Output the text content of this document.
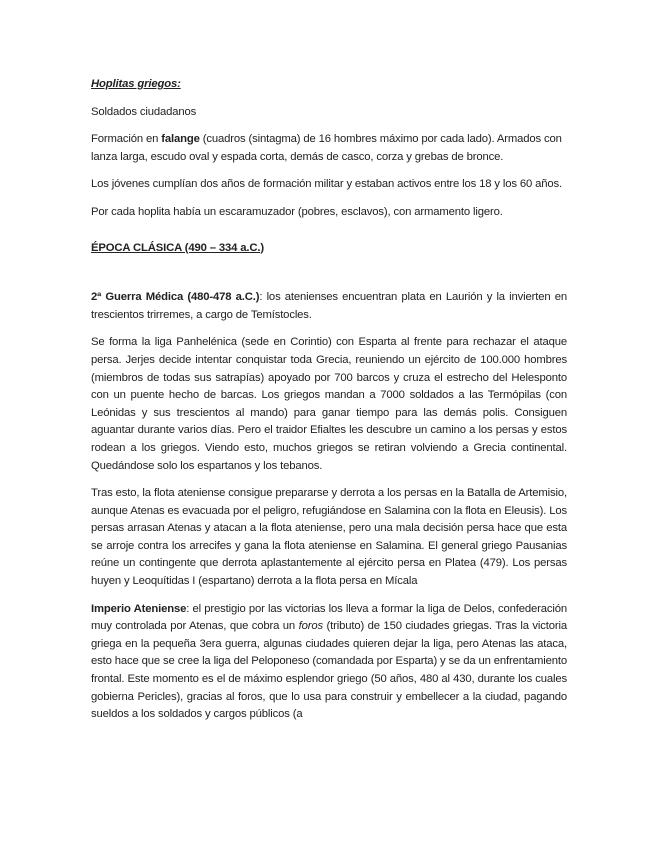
Hoplitas griegos:

Soldados ciudadanos

Formación en falange (cuadros (sintagma) de 16 hombres máximo por cada lado). Armados con lanza larga, escudo oval y espada corta, demás de casco, corza y grebas de bronce.

Los jóvenes cumplían dos años de formación militar y estaban activos entre los 18 y los 60 años.

Por cada hoplita había un escaramuzador (pobres, esclavos), con armamento ligero.

ÉPOCA CLÁSICA (490 – 334 a.C.)

2ª Guerra Médica (480-478 a.C.): los atenienses encuentran plata en Laurión y la invierten en trescientos trirremes, a cargo de Temístocles.

Se forma la liga Panhelénica (sede en Corintio) con Esparta al frente para rechazar el ataque persa. Jerjes decide intentar conquistar toda Grecia, reuniendo un ejército de 100.000 hombres (miembros de todas sus satrapías) apoyado por 700 barcos y cruza el estrecho del Helesponto con un puente hecho de barcas. Los griegos mandan a 7000 soldados a las Termópilas (con Leónidas y sus trescientos al mando) para ganar tiempo para las demás polis. Consiguen aguantar durante varios días. Pero el traidor Efialtes les descubre un camino a los persas y estos rodean a los griegos. Viendo esto, muchos griegos se retiran volviendo a Grecia continental. Quedándose solo los espartanos y los tebanos.

Tras esto, la flota ateniense consigue prepararse y derrota a los persas en la Batalla de Artemisio, aunque Atenas es evacuada por el peligro, refugiándose en Salamina con la flota en Eleusis). Los persas arrasan Atenas y atacan a la flota ateniense, pero una mala decisión persa hace que esta se arroje contra los arrecifes y gana la flota ateniense en Salamina. El general griego Pausanias reúne un contingente que derrota aplastantemente al ejército persa en Platea (479). Los persas huyen y Leoquítidas I (espartano) derrota a la flota persa en Mícala

Imperio Ateniense: el prestigio por las victorias los lleva a formar la liga de Delos, confederación muy controlada por Atenas, que cobra un foros (tributo) de 150 ciudades griegas. Tras la victoria griega en la pequeña 3era guerra, algunas ciudades quieren dejar la liga, pero Atenas las ataca, esto hace que se cree la liga del Peloponeso (comandada por Esparta) y se da un enfrentamiento frontal. Este momento es el de máximo esplendor griego (50 años, 480 al 430, durante los cuales gobierna Pericles), gracias al foros, que lo usa para construir y embellecer a la ciudad, pagando sueldos a los soldados y cargos públicos (a
